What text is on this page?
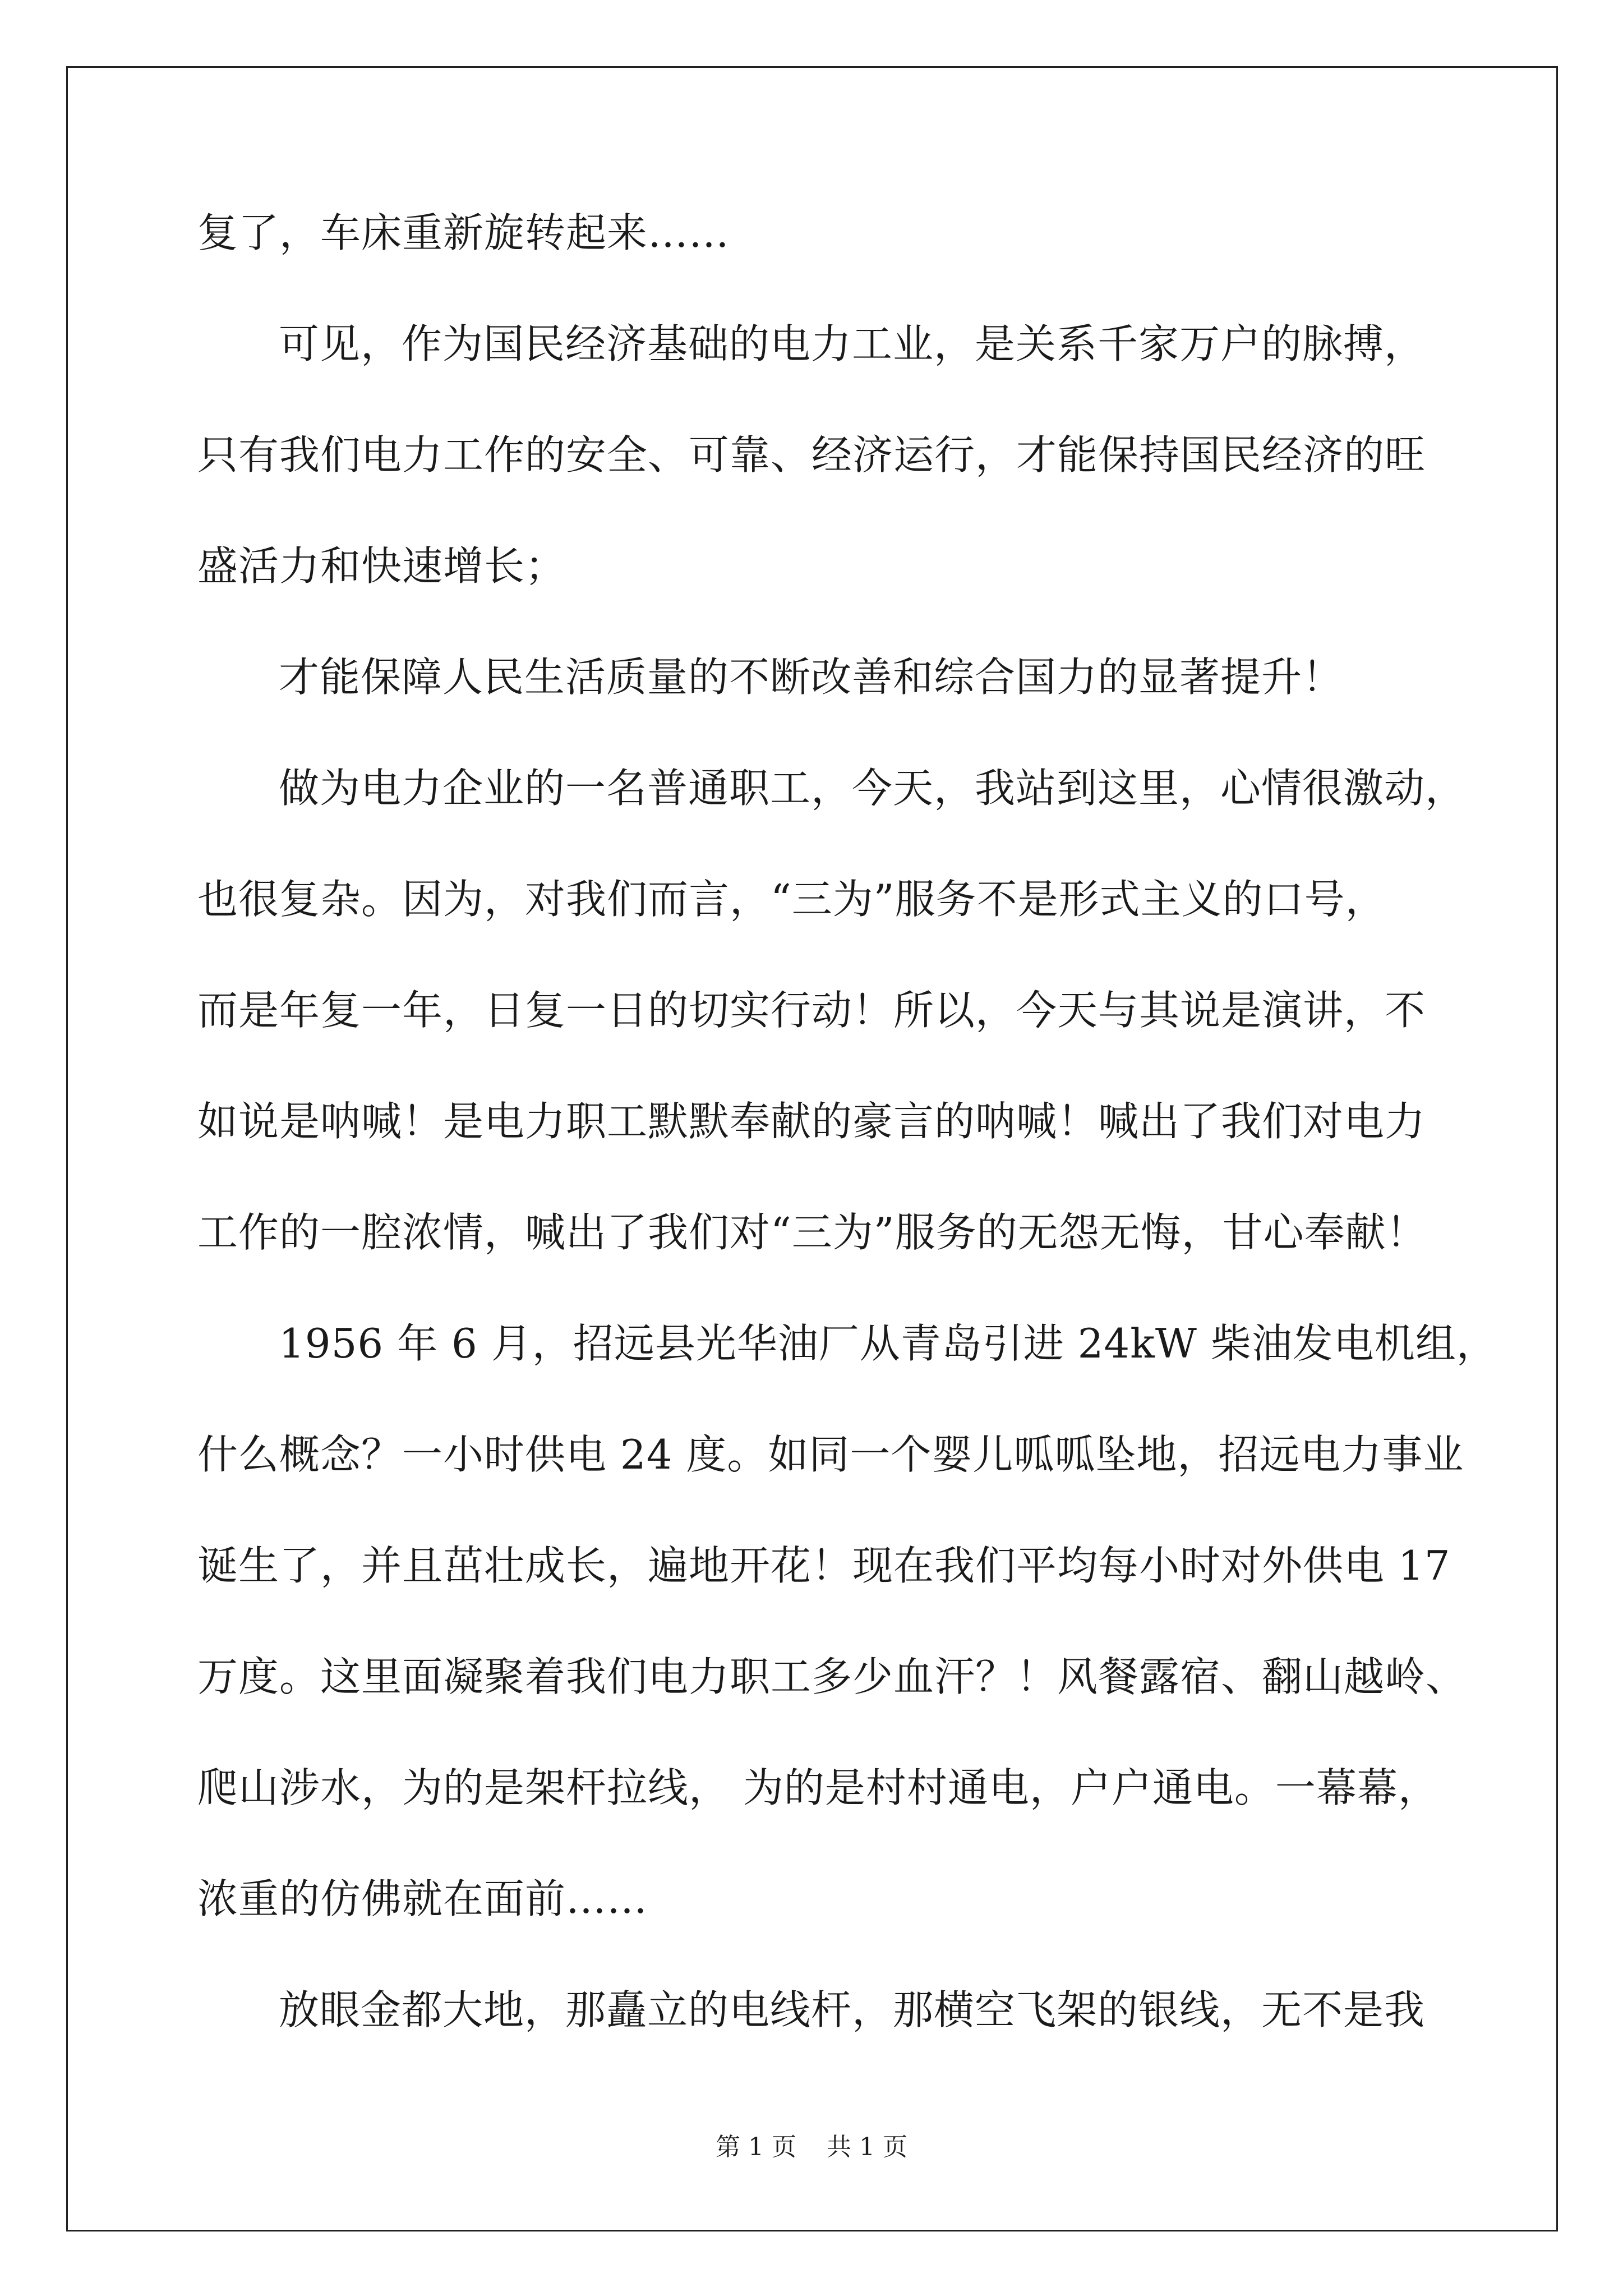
复了，车床重新旋转起来……
可见，作为国民经济基础的电力工业，是关系千家万户的脉搏，
只有我们电力工作的安全、可靠、经济运行，才能保持国民经济的旺
盛活力和快速增长；
才能保障人民生活质量的不断改善和综合国力的显著提升！
做为电力企业的一名普通职工，今天，我站到这里，心情很激动，
也很复杂。因为，对我们而言，“三为”服务不是形式主义的口号，
而是年复一年，日复一日的切实行动！所以，今天与其说是演讲，不
如说是呐喊！是电力职工默默奉献的豪言的呐喊！喊出了我们对电力
工作的一腔浓情，喊出了我们对“三为”服务的无怨无悔，甘心奉献！
1956 年 6 月，招远县光华油厂从青岛引进 24kW 柴油发电机组，
什么概念？一小时供电 24 度。如同一个婴儿呱呱坠地，招远电力事业
诞生了，并且茁壮成长，遍地开花！现在我们平均每小时对外供电 17
万度。这里面凝聚着我们电力职工多少血汗？！风餐露宿、翻山越岭、
爬山涉水，为的是架杆拉线， 为的是村村通电，户户通电。一幕幕，
浓重的仿佛就在面前……
放眼金都大地，那矗立的电线杆，那横空飞架的银线，无不是我
第 1 页 共 1 页
